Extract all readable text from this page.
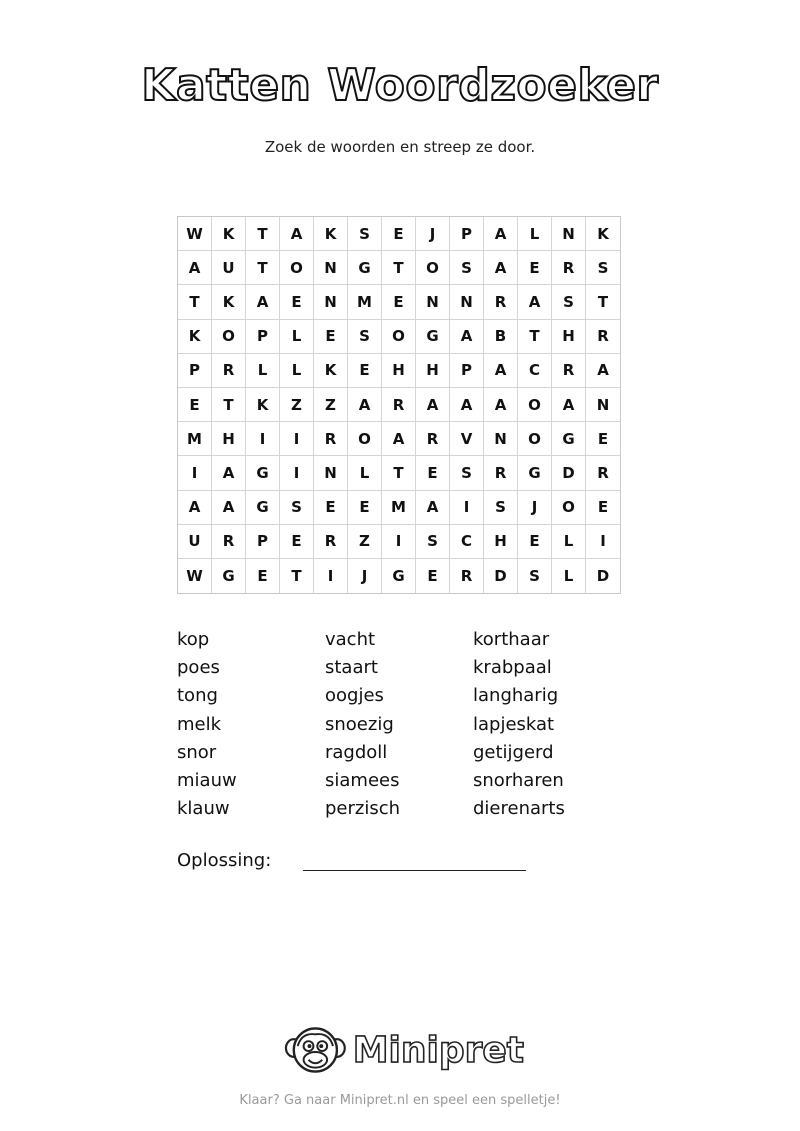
Katten Woordzoeker
Zoek de woorden en streep ze door.
W	K	T	A	K	S	E	J	P	A	L	N	K
A	U	T	O	N	G	T	O	S	A	E	R	S
T	K	A	E	N	M	E	N	N	R	A	S	T
K	O	P	L	E	S	O	G	A	B	T	H	R
P	R	L	L	K	E	H	H	P	A	C	R	A
E	T	K	Z	Z	A	R	A	A	A	O	A	N
M	H	I	I	R	O	A	R	V	N	O	G	E
I	A	G	I	N	L	T	E	S	R	G	D	R
A	A	G	S	E	E	M	A	I	S	J	O	E
U	R	P	E	R	Z	I	S	C	H	E	L	I
W	G	E	T	I	J	G	E	R	D	S	L	D
kop	vacht	korthaar
poes	staart	krabpaal
tong	oogjes	langharig
melk	snoezig	lapjeskat
snor	ragdoll	getijgerd
miauw	siamees	snorharen
klauw	perzisch	dierenarts
Oplossing:
Minipret
Klaar? Ga naar Minipret.nl en speel een spelletje!
